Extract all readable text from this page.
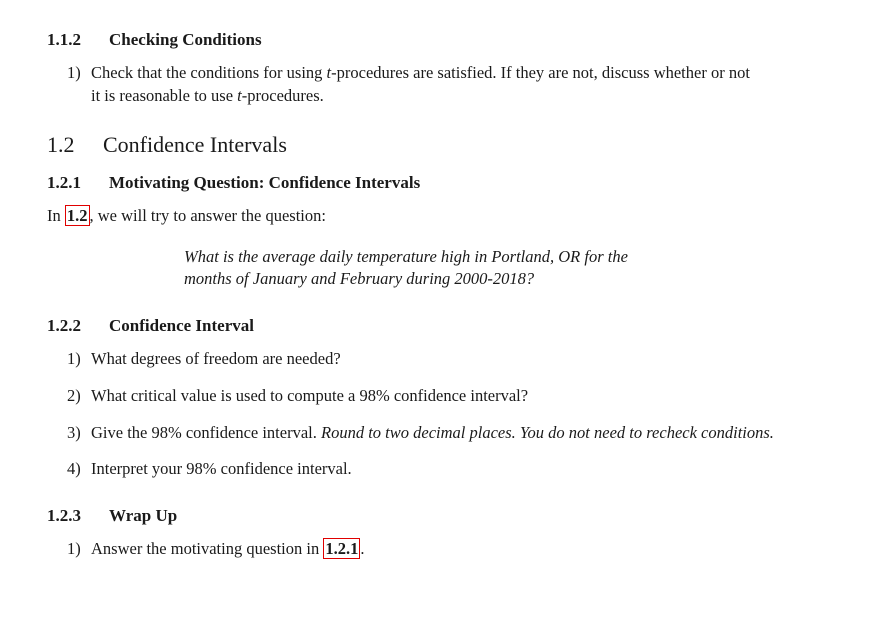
1.1.2 Checking Conditions
1) Check that the conditions for using t-procedures are satisfied. If they are not, discuss whether or not
it is reasonable to use t-procedures.
1.2 Confidence Intervals
1.2.1 Motivating Question: Confidence Intervals
In 1.2 , we will try to answer the question:
What is the average daily temperature high in Portland, OR for the
months of January and February during 2000-2018?
1.2.2 Confidence Interval
1) What degrees of freedom are needed?
2) What critical value is used to compute a 98% confidence interval?
3) Give the 98% confidence interval. Round to two decimal places. You do not need to recheck conditions.
4) Interpret your 98% confidence interval.
1.2.3 Wrap Up
1) Answer the motivating question in 1.2.1 .
